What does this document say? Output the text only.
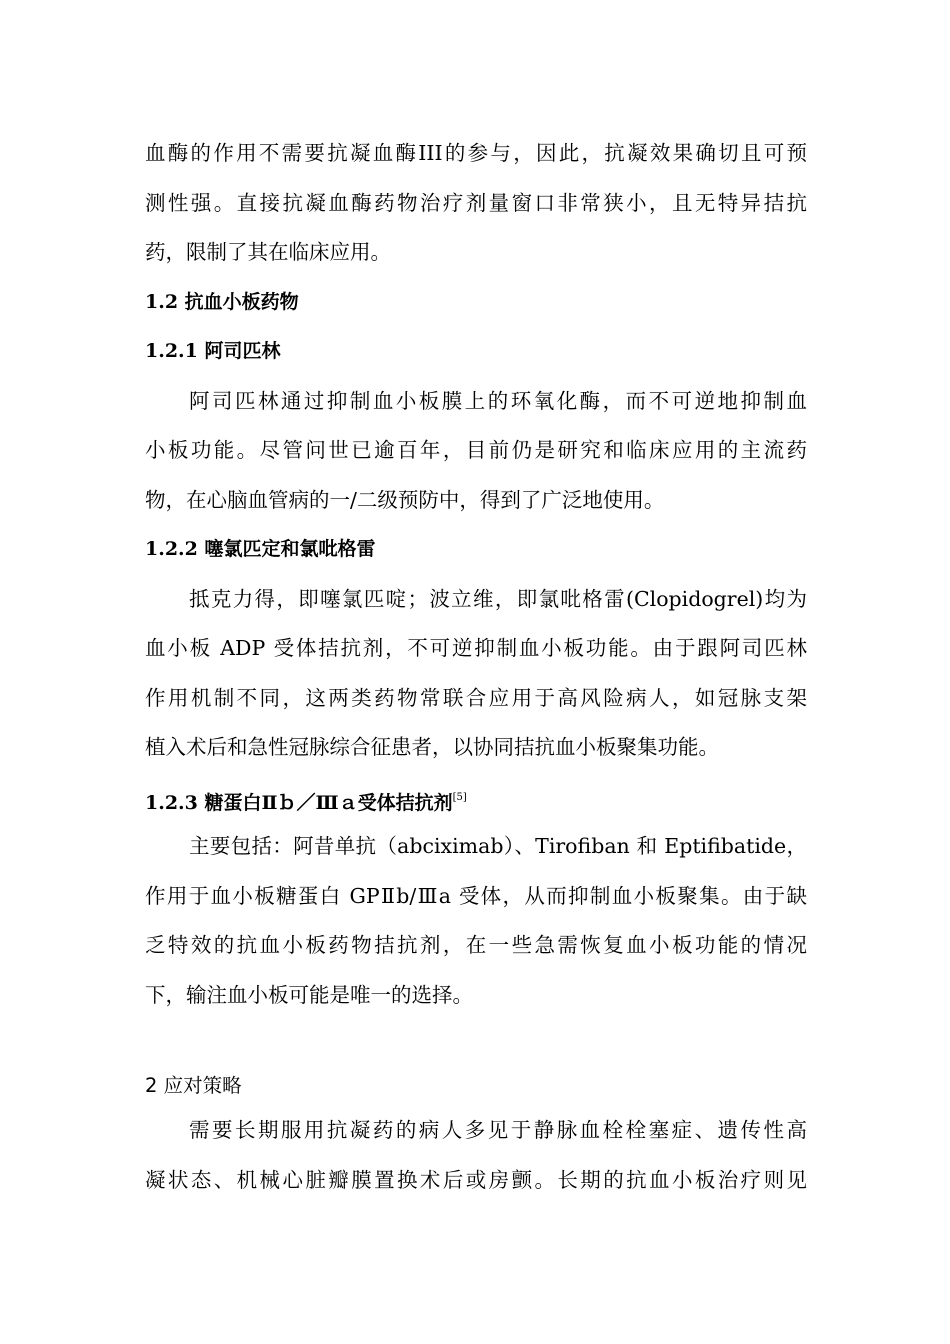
血酶的作用不需要抗凝血酶III的参与，因此，抗凝效果确切且可预
测性强。直接抗凝血酶药物治疗剂量窗口非常狭小，且无特异拮抗
药，限制了其在临床应用。
1.2 抗血小板药物
1.2.1 阿司匹林
阿司匹林通过抑制血小板膜上的环氧化酶，而不可逆地抑制血
小板功能。尽管问世已逾百年，目前仍是研究和临床应用的主流药
物，在心脑血管病的一/二级预防中，得到了广泛地使用。
1.2.2 噻氯匹定和氯吡格雷
抵克力得，即噻氯匹啶；波立维，即氯吡格雷(Clopidogrel)均为
血小板 ADP 受体拮抗剂，不可逆抑制血小板功能。由于跟阿司匹林
作用机制不同，这两类药物常联合应用于高风险病人，如冠脉支架
植入术后和急性冠脉综合征患者，以协同拮抗血小板聚集功能。
1.2.3 糖蛋白Ⅱｂ／Ⅲａ受体拮抗剂[5]
主要包括：阿昔单抗（abciximab）、Tirofiban 和 Eptifibatide，
作用于血小板糖蛋白 GPⅡb/Ⅲa 受体，从而抑制血小板聚集。由于缺
乏特效的抗血小板药物拮抗剂，在一些急需恢复血小板功能的情况
下，输注血小板可能是唯一的选择。
2 应对策略
需要长期服用抗凝药的病人多见于静脉血栓栓塞症、遗传性高
凝状态、机械心脏瓣膜置换术后或房颤。长期的抗血小板治疗则见
